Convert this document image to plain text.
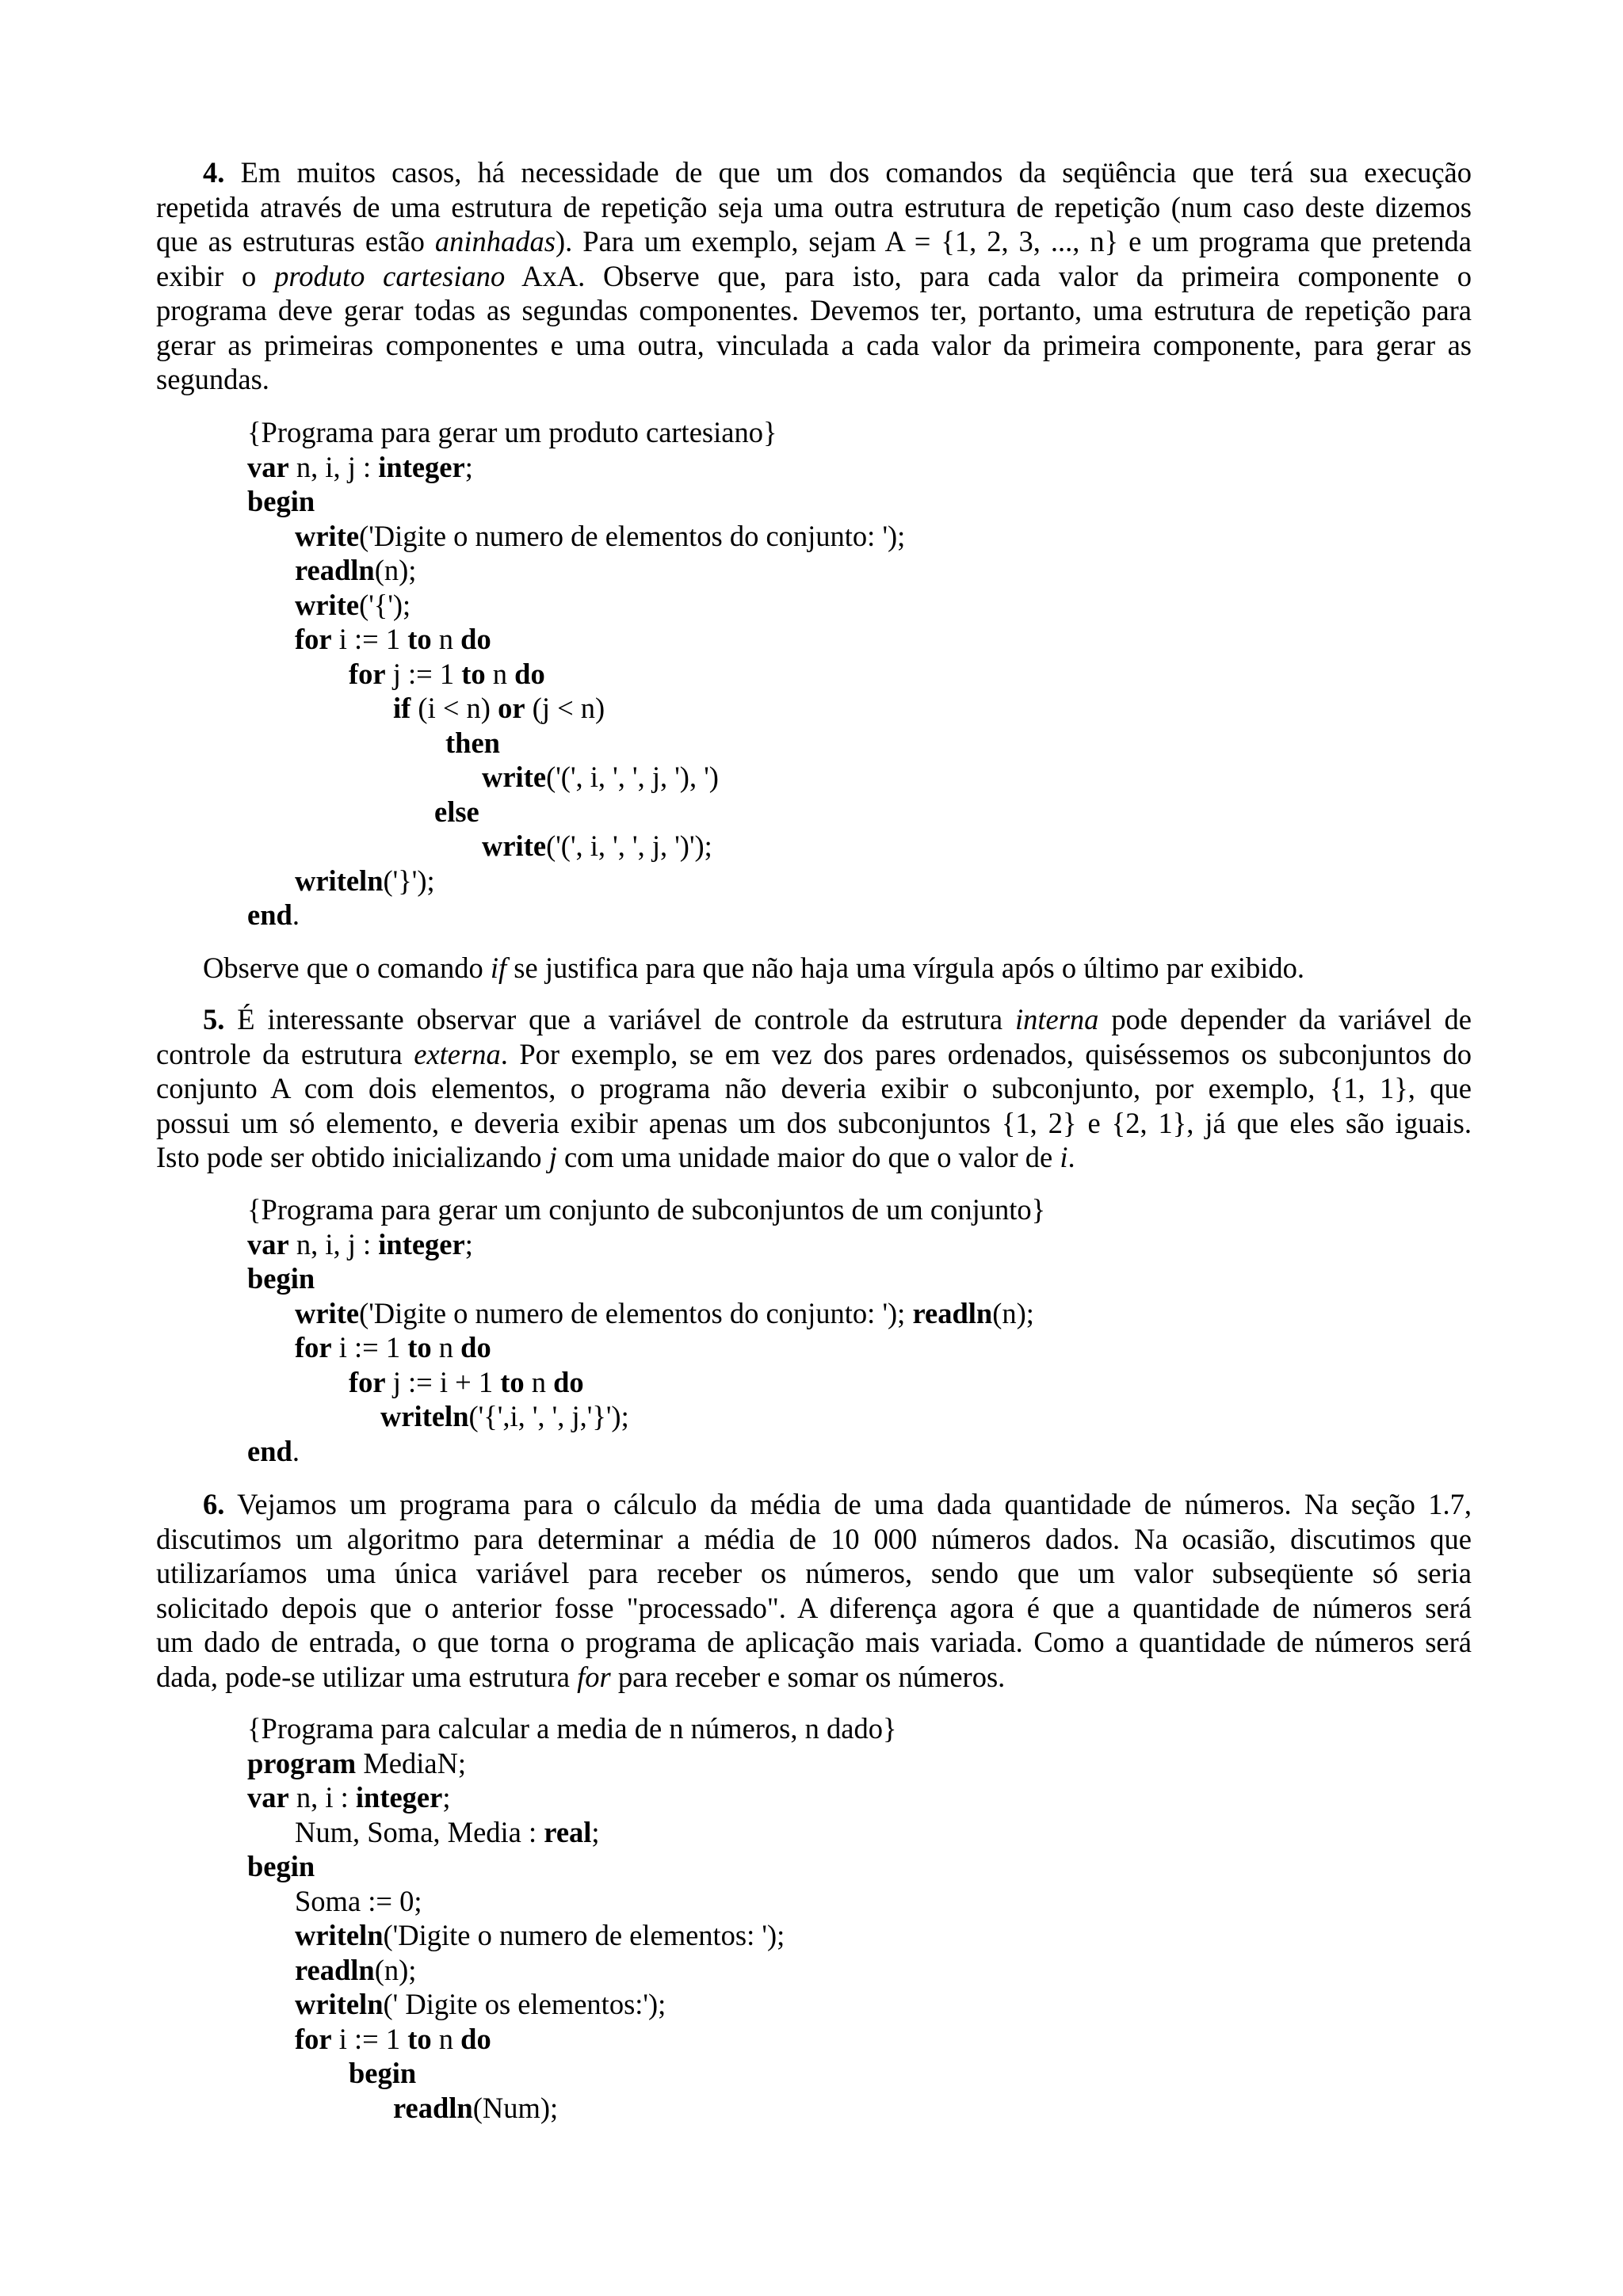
4. Em muitos casos, há necessidade de que um dos comandos da seqüência que terá sua execução
repetida através de uma estrutura de repetição seja uma outra estrutura de repetição (num caso deste dizemos
que as estruturas estão aninhadas). Para um exemplo, sejam A = {1, 2, 3, ..., n} e um programa que pretenda
exibir o produto cartesiano AxA. Observe que, para isto, para cada valor da primeira componente o
programa deve gerar todas as segundas componentes. Devemos ter, portanto, uma estrutura de repetição para
gerar as primeiras componentes e uma outra, vinculada a cada valor da primeira componente, para gerar as
segundas.
{Programa para gerar um produto cartesiano}
var n, i, j : integer;
begin
write('Digite o numero de elementos do conjunto: ');
readln(n);
write('{');
for i := 1 to n do
for j := 1 to n do
if (i < n) or (j < n)
then
write('(', i, ', ', j, '), ')
else
write('(', i, ', ', j, ')');
writeln('}');
end.
Observe que o comando if se justifica para que não haja uma vírgula após o último par exibido.
5. É interessante observar que a variável de controle da estrutura interna pode depender da variável de
controle da estrutura externa. Por exemplo, se em vez dos pares ordenados, quiséssemos os subconjuntos do
conjunto A com dois elementos, o programa não deveria exibir o subconjunto, por exemplo, {1, 1}, que
possui um só elemento, e deveria exibir apenas um dos subconjuntos {1, 2} e {2, 1}, já que eles são iguais.
Isto pode ser obtido inicializando j com uma unidade maior do que o valor de i.
{Programa para gerar um conjunto de subconjuntos de um conjunto}
var n, i, j : integer;
begin
write('Digite o numero de elementos do conjunto: '); readln(n);
for i := 1 to n do
for j := i + 1 to n do
writeln('{',i, ', ', j,'}');
end.
6. Vejamos um programa para o cálculo da média de uma dada quantidade de números. Na seção 1.7,
discutimos um algoritmo para determinar a média de 10 000 números dados. Na ocasião, discutimos que
utilizaríamos uma única variável para receber os números, sendo que um valor subseqüente só seria
solicitado depois que o anterior fosse "processado". A diferença agora é que a quantidade de números será
um dado de entrada, o que torna o programa de aplicação mais variada. Como a quantidade de números será
dada, pode-se utilizar uma estrutura for para receber e somar os números.
{Programa para calcular a media de n números, n dado}
program MediaN;
var n, i : integer;
Num, Soma, Media : real;
begin
Soma := 0;
writeln('Digite o numero de elementos: ');
readln(n);
writeln(' Digite os elementos:');
for i := 1 to n do
begin
readln(Num);
